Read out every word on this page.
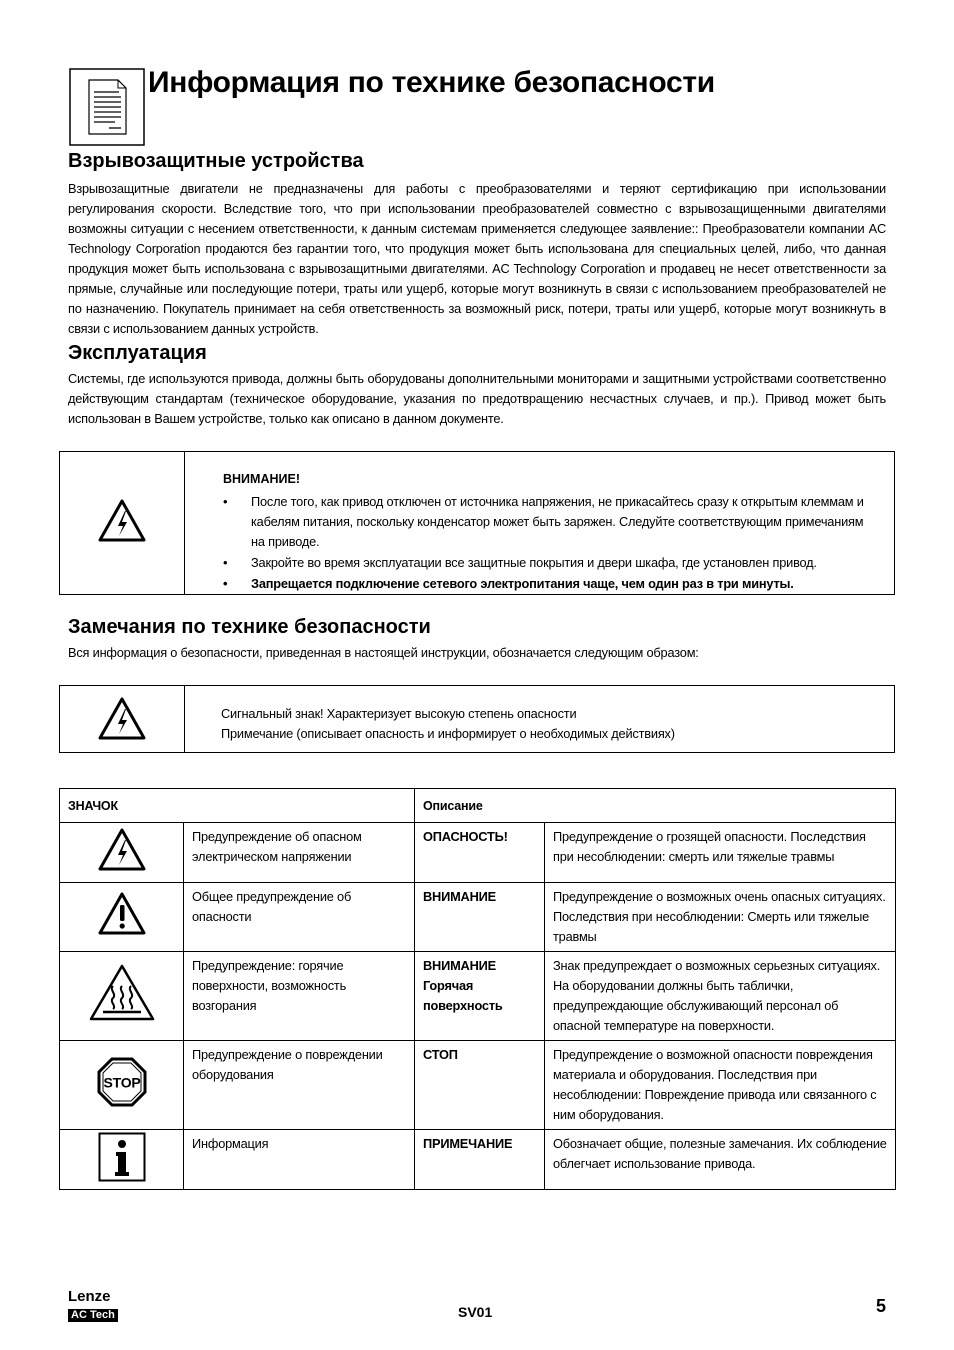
Информация по технике безопасности
Взрывозащитные устройства

Взрывозащитные двигатели не предназначены для работы с преобразователями и теряют сертификацию при использовании регулирования скорости. Вследствие того, что при использовании преобразователей совместно с взрывозащищенными двигателями возможны ситуации с несением ответственности, к данным системам применяется следующее заявление:: Преобразователи компании AC Technology Corporation продаются без гарантии того, что продукция может быть использована для специальных целей, либо, что данная продукция может быть использована с взрывозащитными двигателями. AC Technology Corporation и продавец не несет ответственности за прямые, случайные или последующие потери, траты или ущерб, которые могут возникнуть в связи с использованием преобразователей не по назначению. Покупатель принимает на себя ответственность за возможный риск, потери, траты или ущерб, которые могут возникнуть в связи с использованием данных устройств.

Эксплуатация

Системы, где используются привода, должны быть оборудованы дополнительными мониторами и защитными устройствами соответственно действующим стандартам (техническое оборудование, указания по предотвращению несчастных случаев, и пр.). Привод может быть использован в Вашем устройстве, только как описано в данном документе.

ВНИМАНИЕ!
• После того, как привод отключен от источника напряжения, не прикасайтесь сразу к открытым клеммам и кабелям питания, поскольку конденсатор может быть заряжен. Следуйте соответствующим примечаниям на приводе.
• Закройте во время эксплуатации все защитные покрытия и двери шкафа, где установлен привод.
• Запрещается подключение сетевого электропитания чаще, чем один раз в три минуты.
Замечания по технике безопасности

Вся информация о безопасности, приведенная в настоящей инструкции, обозначается следующим образом:

Сигнальный знак! Характеризует высокую степень опасности
Примечание (описывает опасность и информирует о необходимых действиях)
ЗНАЧОК		Описание	
	Предупреждение об опасном электрическом напряжении	ОПАСНОСТЬ!	Предупреждение о грозящей опасности. Последствия при несоблюдении: смерть или тяжелые травмы
	Общее предупреждение об опасности	ВНИМАНИЕ	Предупреждение о возможных очень опасных ситуациях. Последствия при несоблюдении: Смерть или тяжелые травмы
	Предупреждение: горячие поверхности, возможность возгорания	ВНИМАНИЕ Горячая поверхность	Знак предупреждает о возможных серьезных ситуациях. На оборудовании должны быть таблички, предупреждающие обслуживающий персонал об опасной температуре на поверхности.

STOP	Предупреждение о повреждении оборудования	СТОП	Предупреждение о возможной опасности повреждения материала и оборудования. Последствия при несоблюдении: Повреждение привода или связанного с ним оборудования.
	Информация	ПРИМЕЧАНИЕ	Обозначает общие, полезные замечания. Их соблюдение облегчает использование привода.
Lenze
AC Tech	SV01	5
